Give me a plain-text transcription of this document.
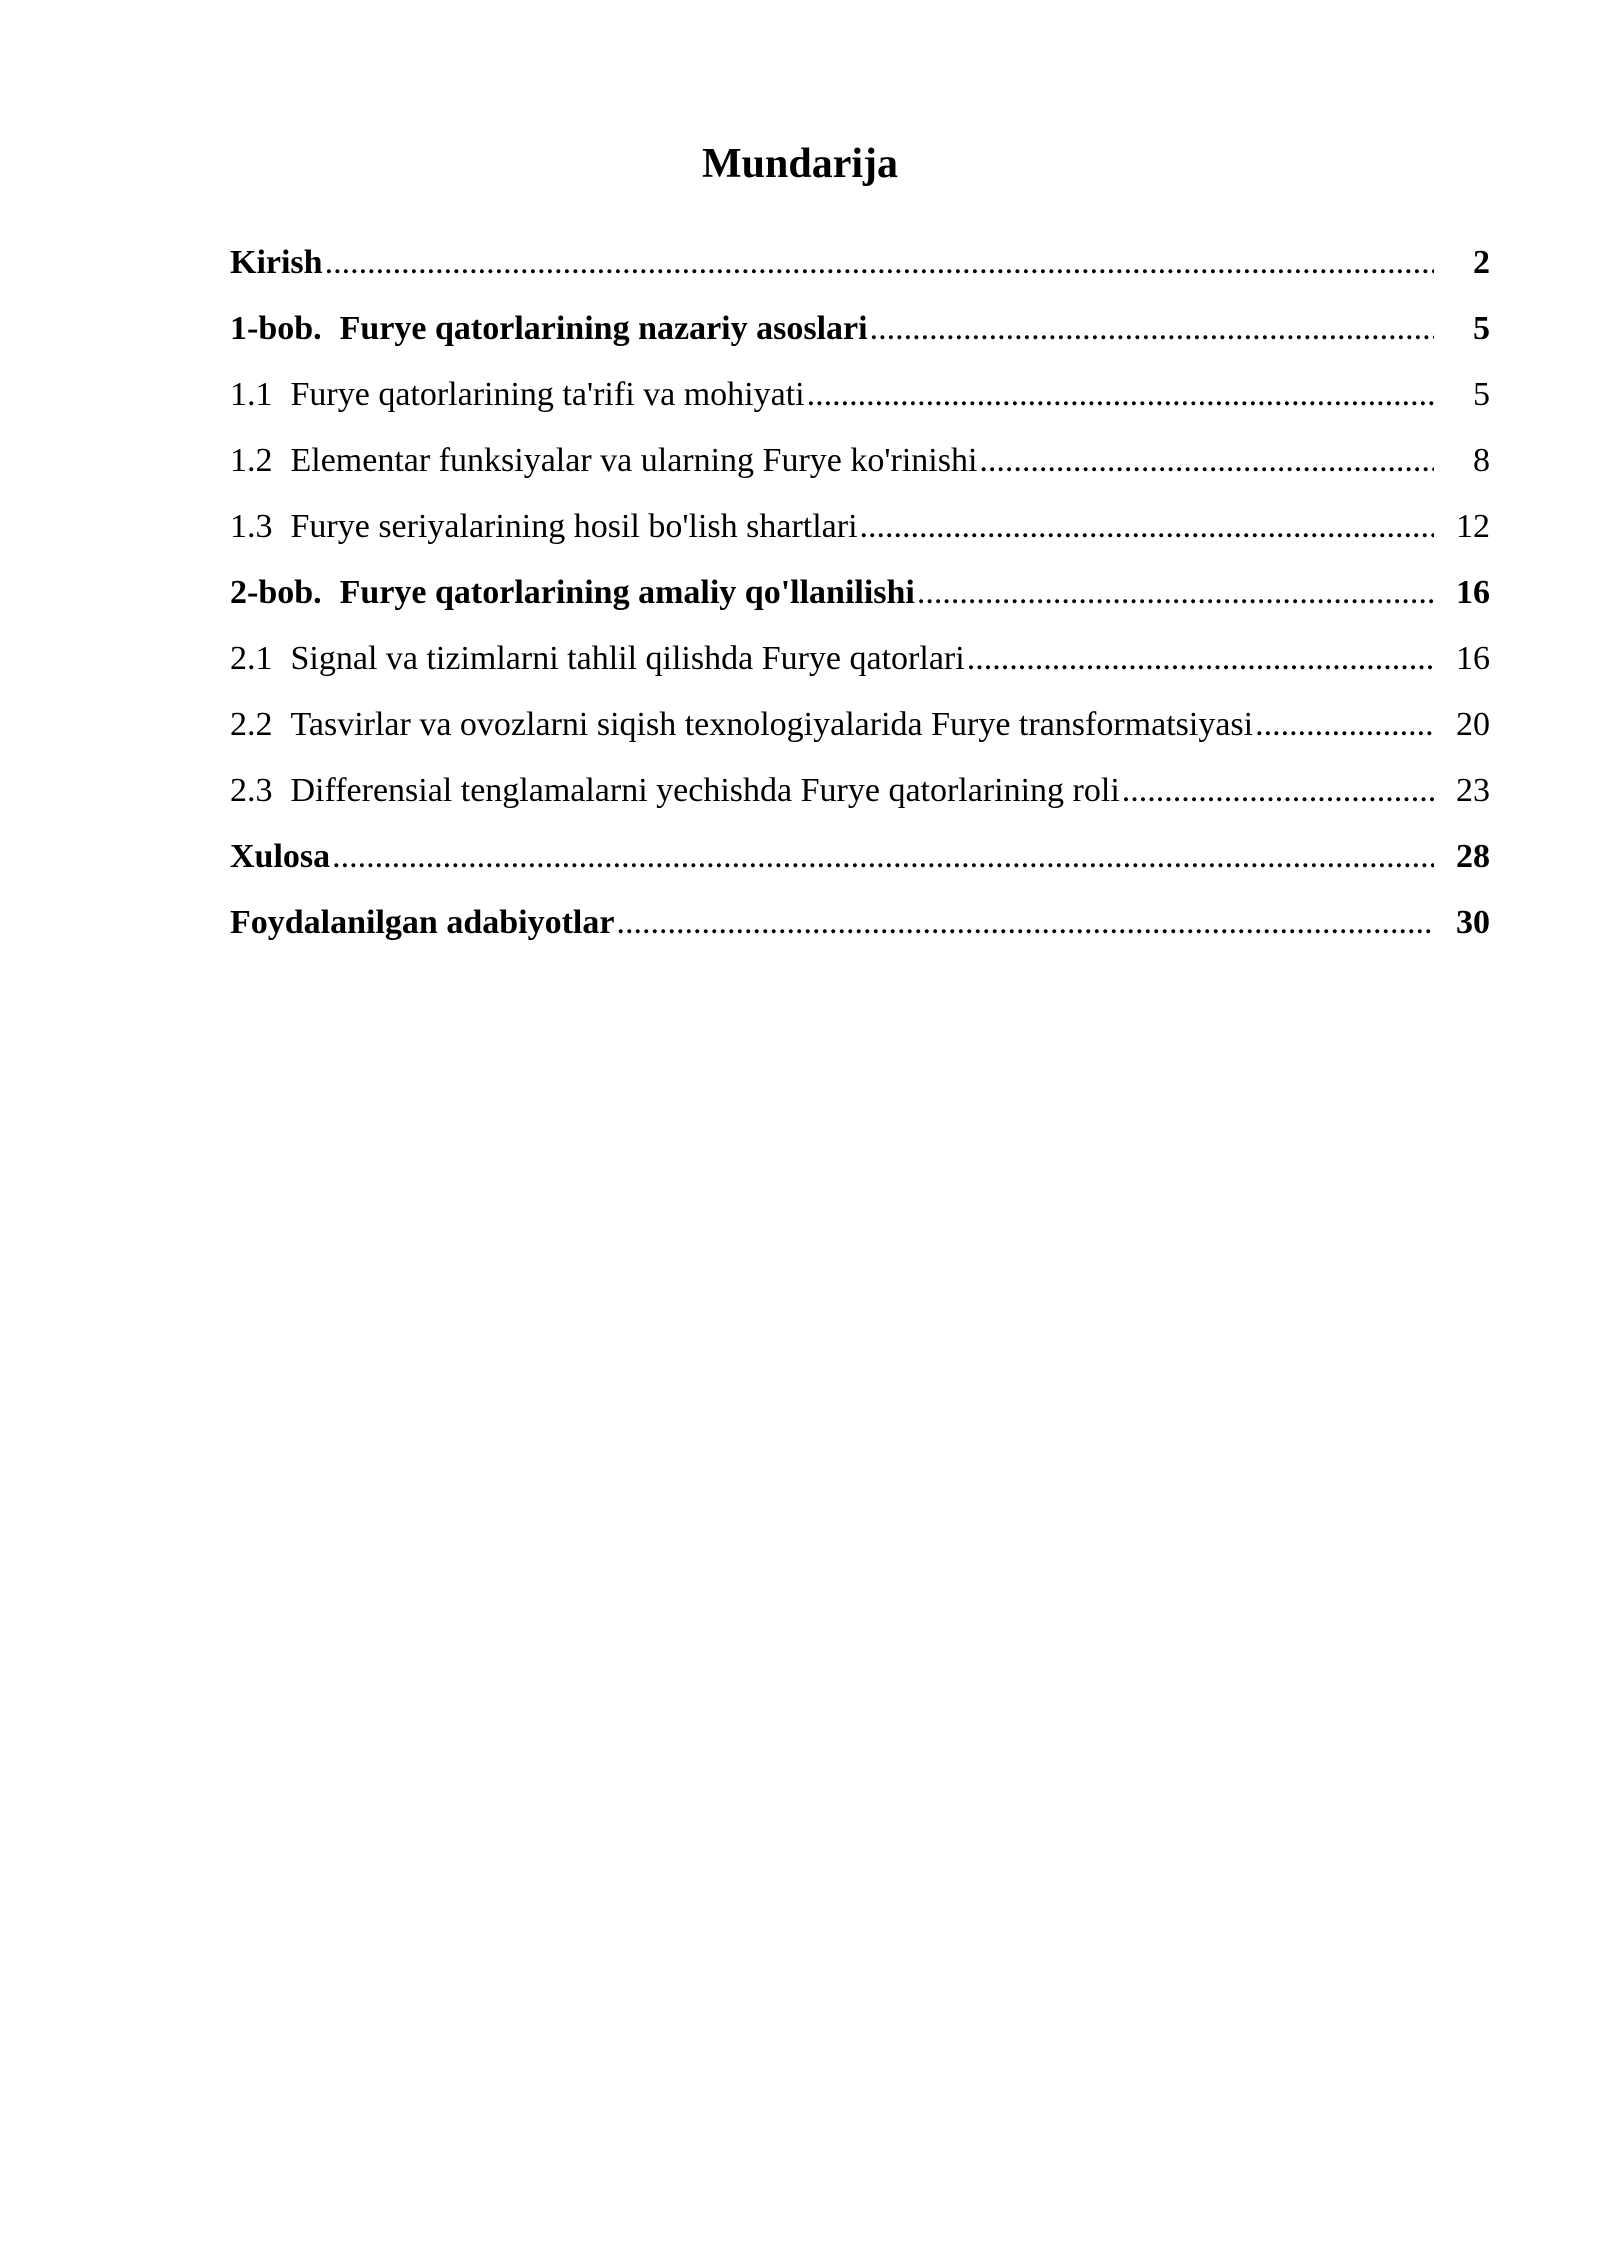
Mundarija
Kirish .....	2
1-bob. Furye qatorlarining nazariy asoslari .....	5
1.1 Furye qatorlarining ta'rifi va mohiyati .....	5
1.2 Elementar funksiyalar va ularning Furye ko'rinishi .....	8
1.3 Furye seriyalarining hosil bo'lish shartlari .....	12
2-bob. Furye qatorlarining amaliy qo'llanilishi .....	16
2.1 Signal va tizimlarni tahlil qilishda Furye qatorlari .....	16
2.2 Tasvirlar va ovozlarni siqish texnologiyalarida Furye transformatsiyasi .....	20
2.3 Differensial tenglamalarni yechishda Furye qatorlarining roli .....	23
Xulosa .....	28
Foydalanilgan adabiyotlar .....	30
